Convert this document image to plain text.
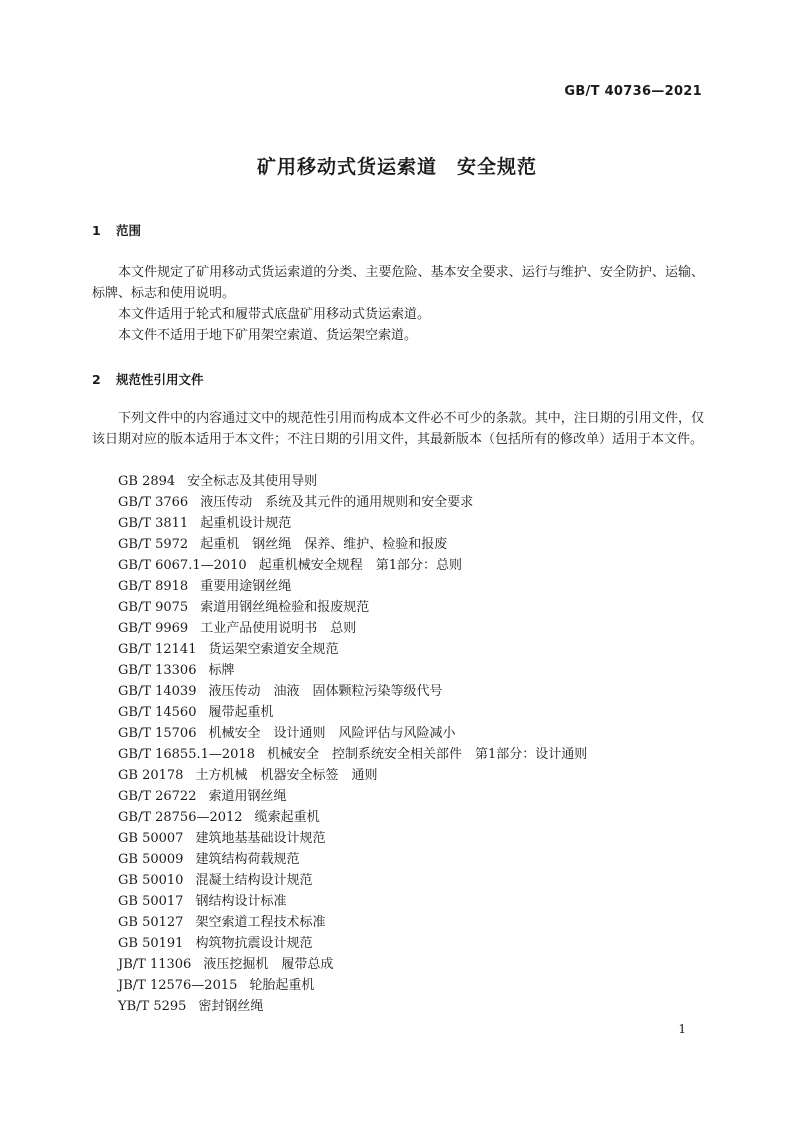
GB/T 40736—2021
矿用移动式货运索道　安全规范
1 范围

本文件规定了矿用移动式货运索道的分类、主要危险、基本安全要求、运行与维护、安全防护、运输、标牌、标志和使用说明。

本文件适用于轮式和履带式底盘矿用移动式货运索道。

本文件不适用于地下矿用架空索道、货运架空索道。

2 规范性引用文件

下列文件中的内容通过文中的规范性引用而构成本文件必不可少的条款。其中，注日期的引用文件，仅该日期对应的版本适用于本文件；不注日期的引用文件，其最新版本（包括所有的修改单）适用于本文件。

GB 2894 安全标志及其使用导则
GB/T 3766 液压传动　系统及其元件的通用规则和安全要求
GB/T 3811 起重机设计规范
GB/T 5972 起重机　钢丝绳　保养、维护、检验和报废
GB/T 6067.1—2010 起重机械安全规程　第1部分：总则
GB/T 8918 重要用途钢丝绳
GB/T 9075 索道用钢丝绳检验和报废规范
GB/T 9969 工业产品使用说明书　总则
GB/T 12141 货运架空索道安全规范
GB/T 13306 标牌
GB/T 14039 液压传动　油液　固体颗粒污染等级代号
GB/T 14560 履带起重机
GB/T 15706 机械安全　设计通则　风险评估与风险减小
GB/T 16855.1—2018 机械安全　控制系统安全相关部件　第1部分：设计通则
GB 20178 土方机械　机器安全标签　通则
GB/T 26722 索道用钢丝绳
GB/T 28756—2012 缆索起重机
GB 50007 建筑地基基础设计规范
GB 50009 建筑结构荷载规范
GB 50010 混凝土结构设计规范
GB 50017 钢结构设计标准
GB 50127 架空索道工程技术标准
GB 50191 构筑物抗震设计规范
JB/T 11306 液压挖掘机　履带总成
JB/T 12576—2015 轮胎起重机
YB/T 5295 密封钢丝绳
1
